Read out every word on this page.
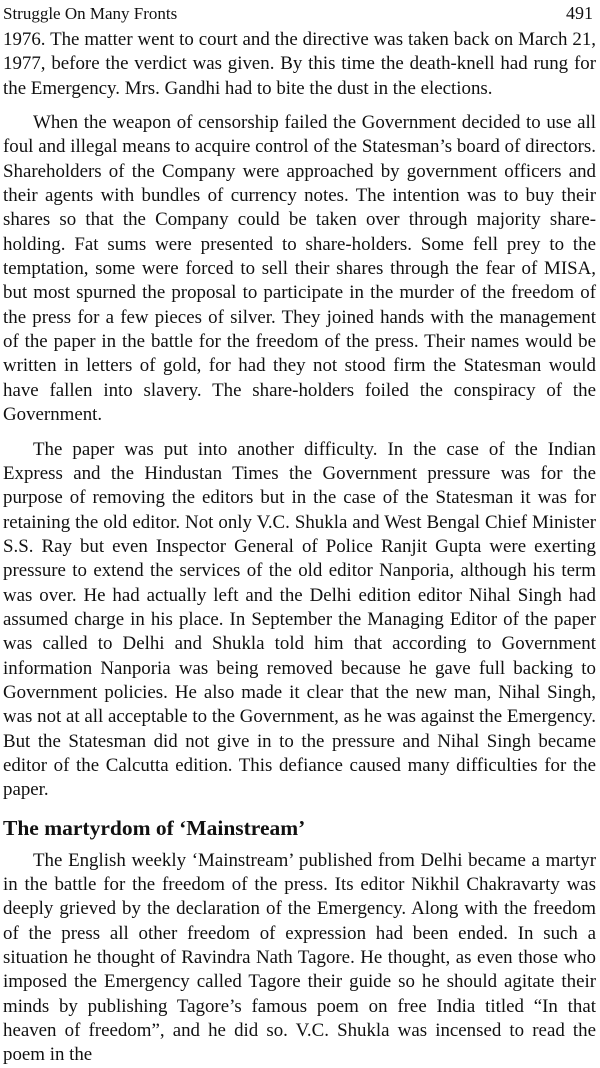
Struggle On Many Fronts	491

1976. The matter went to court and the directive was taken back on March 21, 1977, before the verdict was given. By this time the death-knell had rung for the Emergency. Mrs. Gandhi had to bite the dust in the elections.

When the weapon of censorship failed the Government decided to use all foul and illegal means to acquire control of the Statesman’s board of directors. Shareholders of the Company were approached by government officers and their agents with bundles of currency notes. The intention was to buy their shares so that the Company could be taken over through majority share-holding. Fat sums were presented to share-holders. Some fell prey to the temptation, some were forced to sell their shares through the fear of MISA, but most spurned the proposal to participate in the murder of the freedom of the press for a few pieces of silver. They joined hands with the management of the paper in the battle for the freedom of the press. Their names would be written in letters of gold, for had they not stood firm the Statesman would have fallen into slavery. The share-holders foiled the conspiracy of the Government.

The paper was put into another difficulty. In the case of the Indian Express and the Hindustan Times the Government pressure was for the purpose of removing the editors but in the case of the Statesman it was for retaining the old editor. Not only V.C. Shukla and West Bengal Chief Minister S.S. Ray but even Inspector General of Police Ranjit Gupta were exerting pressure to extend the services of the old editor Nanporia, although his term was over. He had actually left and the Delhi edition editor Nihal Singh had assumed charge in his place. In September the Managing Editor of the paper was called to Delhi and Shukla told him that according to Government information Nanporia was being removed because he gave full backing to Government policies. He also made it clear that the new man, Nihal Singh, was not at all acceptable to the Government, as he was against the Emergency. But the Statesman did not give in to the pressure and Nihal Singh became editor of the Calcutta edition. This defiance caused many difficulties for the paper.

The martyrdom of ‘Mainstream’

The English weekly ‘Mainstream’ published from Delhi became a martyr in the battle for the freedom of the press. Its editor Nikhil Chakravarty was deeply grieved by the declaration of the Emergency. Along with the freedom of the press all other freedom of expression had been ended. In such a situation he thought of Ravindra Nath Tagore. He thought, as even those who imposed the Emergency called Tagore their guide so he should agitate their minds by publishing Tagore’s famous poem on free India titled “In that heaven of freedom”, and he did so. V.C. Shukla was incensed to read the poem in the
